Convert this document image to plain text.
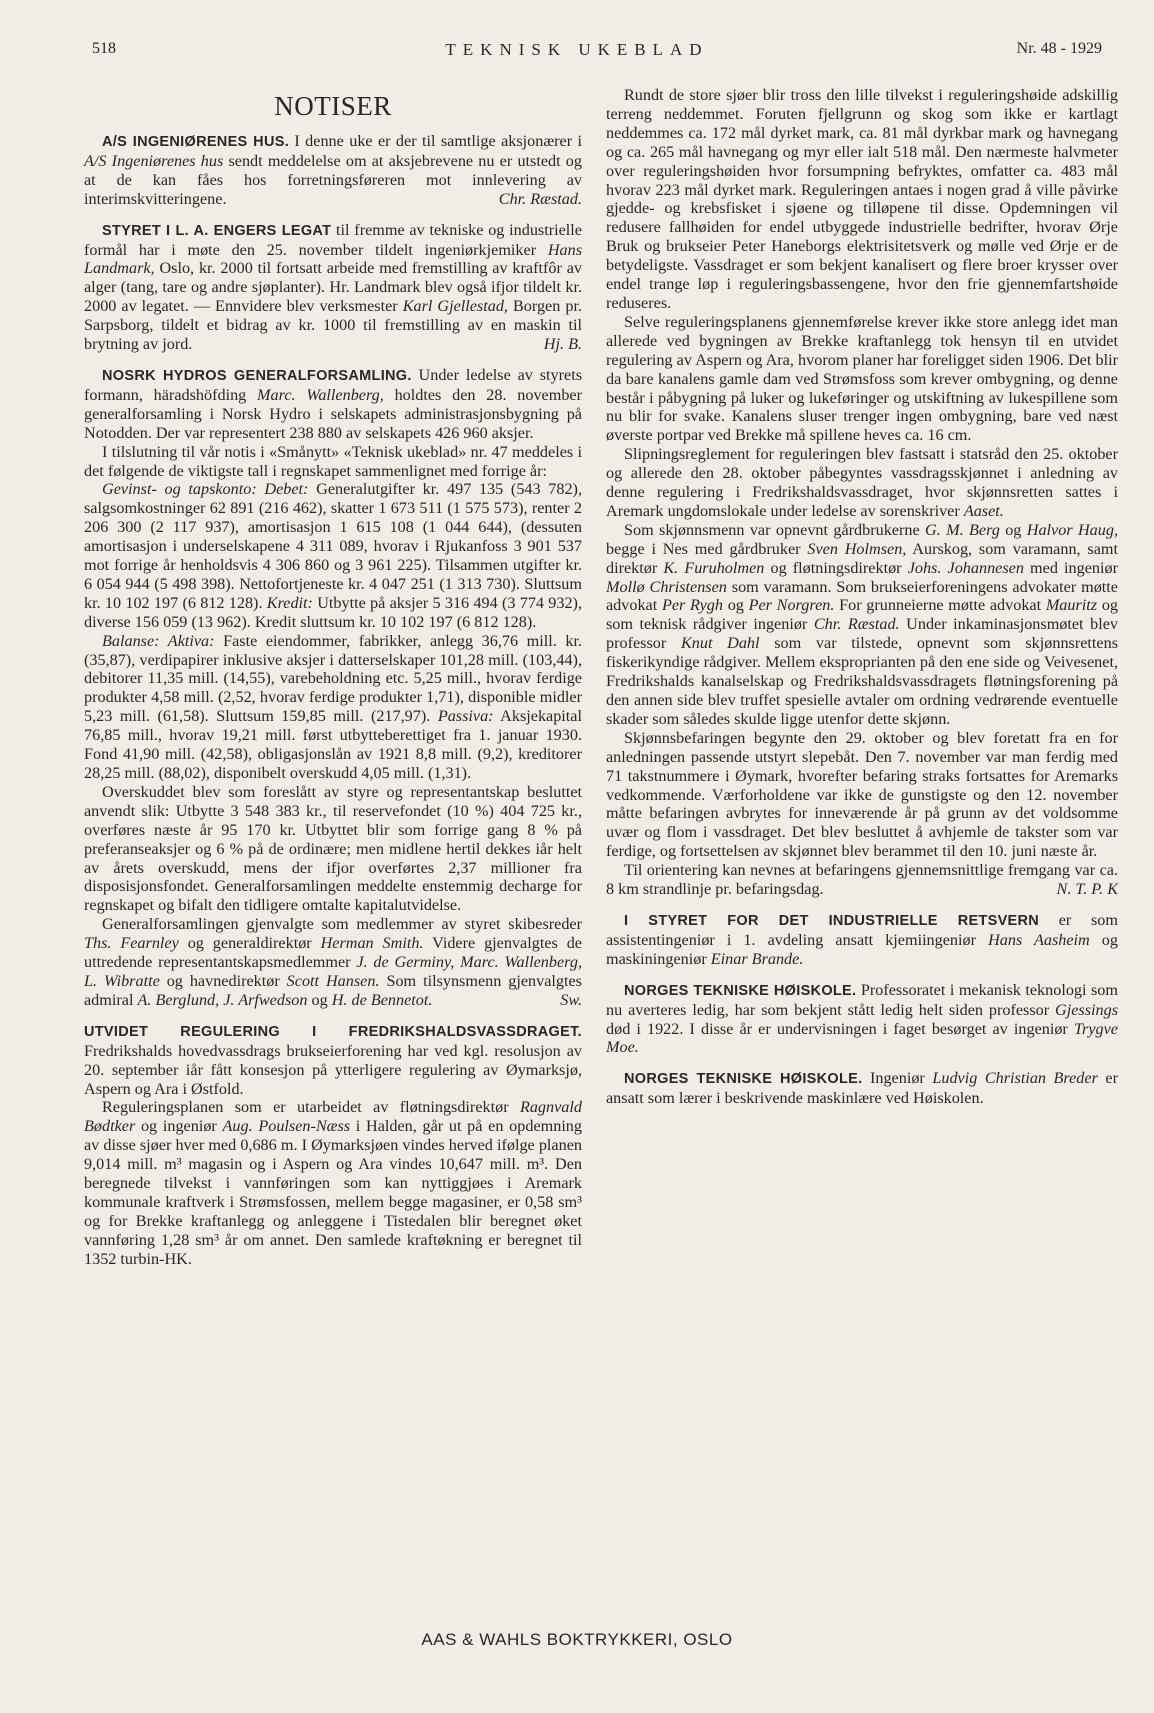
518	TEKNISK UKEBLAD	Nr. 48 - 1929
NOTISER

A/S INGENIØRENES HUS. I denne uke er der til samtlige aksjonærer i A/S Ingeniørenes hus sendt meddelelse om at aksjebrevene nu er utstedt og at de kan fåes hos forretningsføreren mot innlevering av interimskvitteringene.	Chr. Ræstad.

STYRET I L. A. ENGERS LEGAT til fremme av tekniske og industrielle formål har i møte den 25. november tildelt ingeniørkjemiker Hans Landmark, Oslo, kr. 2000 til fortsatt arbeide med fremstilling av kraftfôr av alger (tang, tare og andre sjøplanter). Hr. Landmark blev også ifjor tildelt kr. 2000 av legatet. — Ennvidere blev verksmester Karl Gjellestad, Borgen pr. Sarpsborg, tildelt et bidrag av kr. 1000 til fremstilling av en maskin til brytning av jord.	Hj. B.

NOSRK HYDROS GENERALFORSAMLING. Under ledelse av styrets formann, häradshöfding Marc. Wallenberg, holdtes den 28. november generalforsamling i Norsk Hydro i selskapets administrasjonsbygning på Notodden. Der var representert 238 880 av selskapets 426 960 aksjer.

I tilslutning til vår notis i «Smånytt» «Teknisk ukeblad» nr. 47 meddeles i det følgende de viktigste tall i regnskapet sammenlignet med forrige år:

Gevinst- og tapskonto: Debet: Generalutgifter kr. 497 135 (543 782), salgsomkostninger 62 891 (216 462), skatter 1 673 511 (1 575 573), renter 2 206 300 (2 117 937), amortisasjon 1 615 108 (1 044 644), (dessuten amortisasjon i underselskapene 4 311 089, hvorav i Rjukanfoss 3 901 537 mot forrige år henholdsvis 4 306 860 og 3 961 225). Tilsammen utgifter kr. 6 054 944 (5 498 398). Nettofortjeneste kr. 4 047 251 (1 313 730). Sluttsum kr. 10 102 197 (6 812 128). Kredit: Utbytte på aksjer 5 316 494 (3 774 932), diverse 156 059 (13 962). Kredit sluttsum kr. 10 102 197 (6 812 128).

Balanse: Aktiva: Faste eiendommer, fabrikker, anlegg 36,76 mill. kr. (35,87), verdipapirer inklusive aksjer i datterselskaper 101,28 mill. (103,44), debitorer 11,35 mill. (14,55), varebeholdning etc. 5,25 mill., hvorav ferdige produkter 4,58 mill. (2,52, hvorav ferdige produkter 1,71), disponible midler 5,23 mill. (61,58). Sluttsum 159,85 mill. (217,97). Passiva: Aksjekapital 76,85 mill., hvorav 19,21 mill. først utbytteberettiget fra 1. januar 1930. Fond 41,90 mill. (42,58), obligasjonslån av 1921 8,8 mill. (9,2), kreditorer 28,25 mill. (88,02), disponibelt overskudd 4,05 mill. (1,31).

Overskuddet blev som foreslått av styre og representantskap besluttet anvendt slik: Utbytte 3 548 383 kr., til reservefondet (10 %) 404 725 kr., overføres næste år 95 170 kr. Utbyttet blir som forrige gang 8 % på preferanseaksjer og 6 % på de ordinære; men midlene hertil dekkes iår helt av årets overskudd, mens der ifjor overførtes 2,37 millioner fra disposisjonsfondet. Generalforsamlingen meddelte enstemmig decharge for regnskapet og bifalt den tidligere omtalte kapitalutvidelse.

Generalforsamlingen gjenvalgte som medlemmer av styret skibesreder Ths. Fearnley og generaldirektør Herman Smith. Videre gjenvalgtes de uttredende representantskapsmedlemmer J. de Germiny, Marc. Wallenberg, L. Wibratte og havnedirektør Scott Hansen. Som tilsynsmenn gjenvalgtes admiral A. Berglund, J. Arfwedson og H. de Bennetot.	Sw.

UTVIDET REGULERING I FREDRIKSHALDSVASSDRAGET. Fredrikshalds hovedvassdrags brukseierforening har ved kgl. resolusjon av 20. september iår fått konsesjon på ytterligere regulering av Øymarksjø, Aspern og Ara i Østfold.

Reguleringsplanen som er utarbeidet av fløtningsdirektør Ragnvald Bødtker og ingeniør Aug. Poulsen-Næss i Halden, går ut på en opdemning av disse sjøer hver med 0,686 m. I Øymarksjøen vindes herved ifølge planen 9,014 mill. m³ magasin og i Aspern og Ara vindes 10,647 mill. m³. Den beregnede tilvekst i vannføringen som kan nyttiggjøes i Aremark kommunale kraftverk i Strømsfossen, mellem begge magasiner, er 0,58 sm³ og for Brekke kraftanlegg og anleggene i Tistedalen blir beregnet øket vannføring 1,28 sm³ år om annet. Den samlede kraftøkning er beregnet til 1352 turbin-HK.

Rundt de store sjøer blir tross den lille tilvekst i reguleringshøide adskillig terreng neddemmet. Foruten fjellgrunn og skog som ikke er kartlagt neddemmes ca. 172 mål dyrket mark, ca. 81 mål dyrkbar mark og havnegang og ca. 265 mål havnegang og myr eller ialt 518 mål. Den nærmeste halvmeter over reguleringshøiden hvor forsumpning befryktes, omfatter ca. 483 mål hvorav 223 mål dyrket mark. Reguleringen antaes i nogen grad å ville påvirke gjedde- og krebsfisket i sjøene og tilløpene til disse. Opdemningen vil redusere fallhøiden for endel utbyggede industrielle bedrifter, hvorav Ørje Bruk og brukseier Peter Haneborgs elektrisitetsverk og mølle ved Ørje er de betydeligste. Vassdraget er som bekjent kanalisert og flere broer krysser over endel trange løp i reguleringsbassengene, hvor den frie gjennemfartshøide reduseres.

Selve reguleringsplanens gjennemførelse krever ikke store anlegg idet man allerede ved bygningen av Brekke kraftanlegg tok hensyn til en utvidet regulering av Aspern og Ara, hvorom planer har foreligget siden 1906. Det blir da bare kanalens gamle dam ved Strømsfoss som krever ombygning, og denne består i påbygning på luker og lukeføringer og utskiftning av lukespillene som nu blir for svake. Kanalens sluser trenger ingen ombygning, bare ved næst øverste portpar ved Brekke må spillene heves ca. 16 cm.

Slipningsreglement for reguleringen blev fastsatt i statsråd den 25. oktober og allerede den 28. oktober påbegyntes vassdragsskjønnet i anledning av denne regulering i Fredrikshaldsvassdraget, hvor skjønnsretten sattes i Aremark ungdomslokale under ledelse av sorenskriver Aaset.

Som skjønnsmenn var opnevnt gårdbrukerne G. M. Berg og Halvor Haug, begge i Nes med gårdbruker Sven Holmsen, Aurskog, som varamann, samt direktør K. Furuholmen og fløtningsdirektør Johs. Johannesen med ingeniør Mollø Christensen som varamann. Som brukseierforeningens advokater møtte advokat Per Rygh og Per Norgren. For grunneierne møtte advokat Mauritz og som teknisk rådgiver ingeniør Chr. Ræstad. Under inkaminasjonsmøtet blev professor Knut Dahl som var tilstede, opnevnt som skjønnsrettens fiskerikyndige rådgiver. Mellem eksproprianten på den ene side og Veivesenet, Fredrikshalds kanalselskap og Fredrikshaldsvassdragets fløtningsforening på den annen side blev truffet spesielle avtaler om ordning vedrørende eventuelle skader som således skulde ligge utenfor dette skjønn.

Skjønnsbefaringen begynte den 29. oktober og blev foretatt fra en for anledningen passende utstyrt slepebåt. Den 7. november var man ferdig med 71 takstnummere i Øymark, hvorefter befaring straks fortsattes for Aremarks vedkommende. Værforholdene var ikke de gunstigste og den 12. november måtte befaringen avbrytes for inneværende år på grunn av det voldsomme uvær og flom i vassdraget. Det blev besluttet å avhjemle de takster som var ferdige, og fortsettelsen av skjønnet blev berammet til den 10. juni næste år.

Til orientering kan nevnes at befaringens gjennemsnittlige fremgang var ca. 8 km strandlinje pr. befaringsdag.	N. T. P. K

I STYRET FOR DET INDUSTRIELLE RETSVERN er som assistentingeniør i 1. avdeling ansatt kjemiingeniør Hans Aasheim og maskiningeniør Einar Brande.

NORGES TEKNISKE HØISKOLE. Professoratet i mekanisk teknologi som nu averteres ledig, har som bekjent stått ledig helt siden professor Gjessings død i 1922. I disse år er undervisningen i faget besørget av ingeniør Trygve Moe.

NORGES TEKNISKE HØISKOLE. Ingeniør Ludvig Christian Breder er ansatt som lærer i beskrivende maskinlære ved Høiskolen.

AAS & WAHLS BOKTRYKKERI, OSLO
